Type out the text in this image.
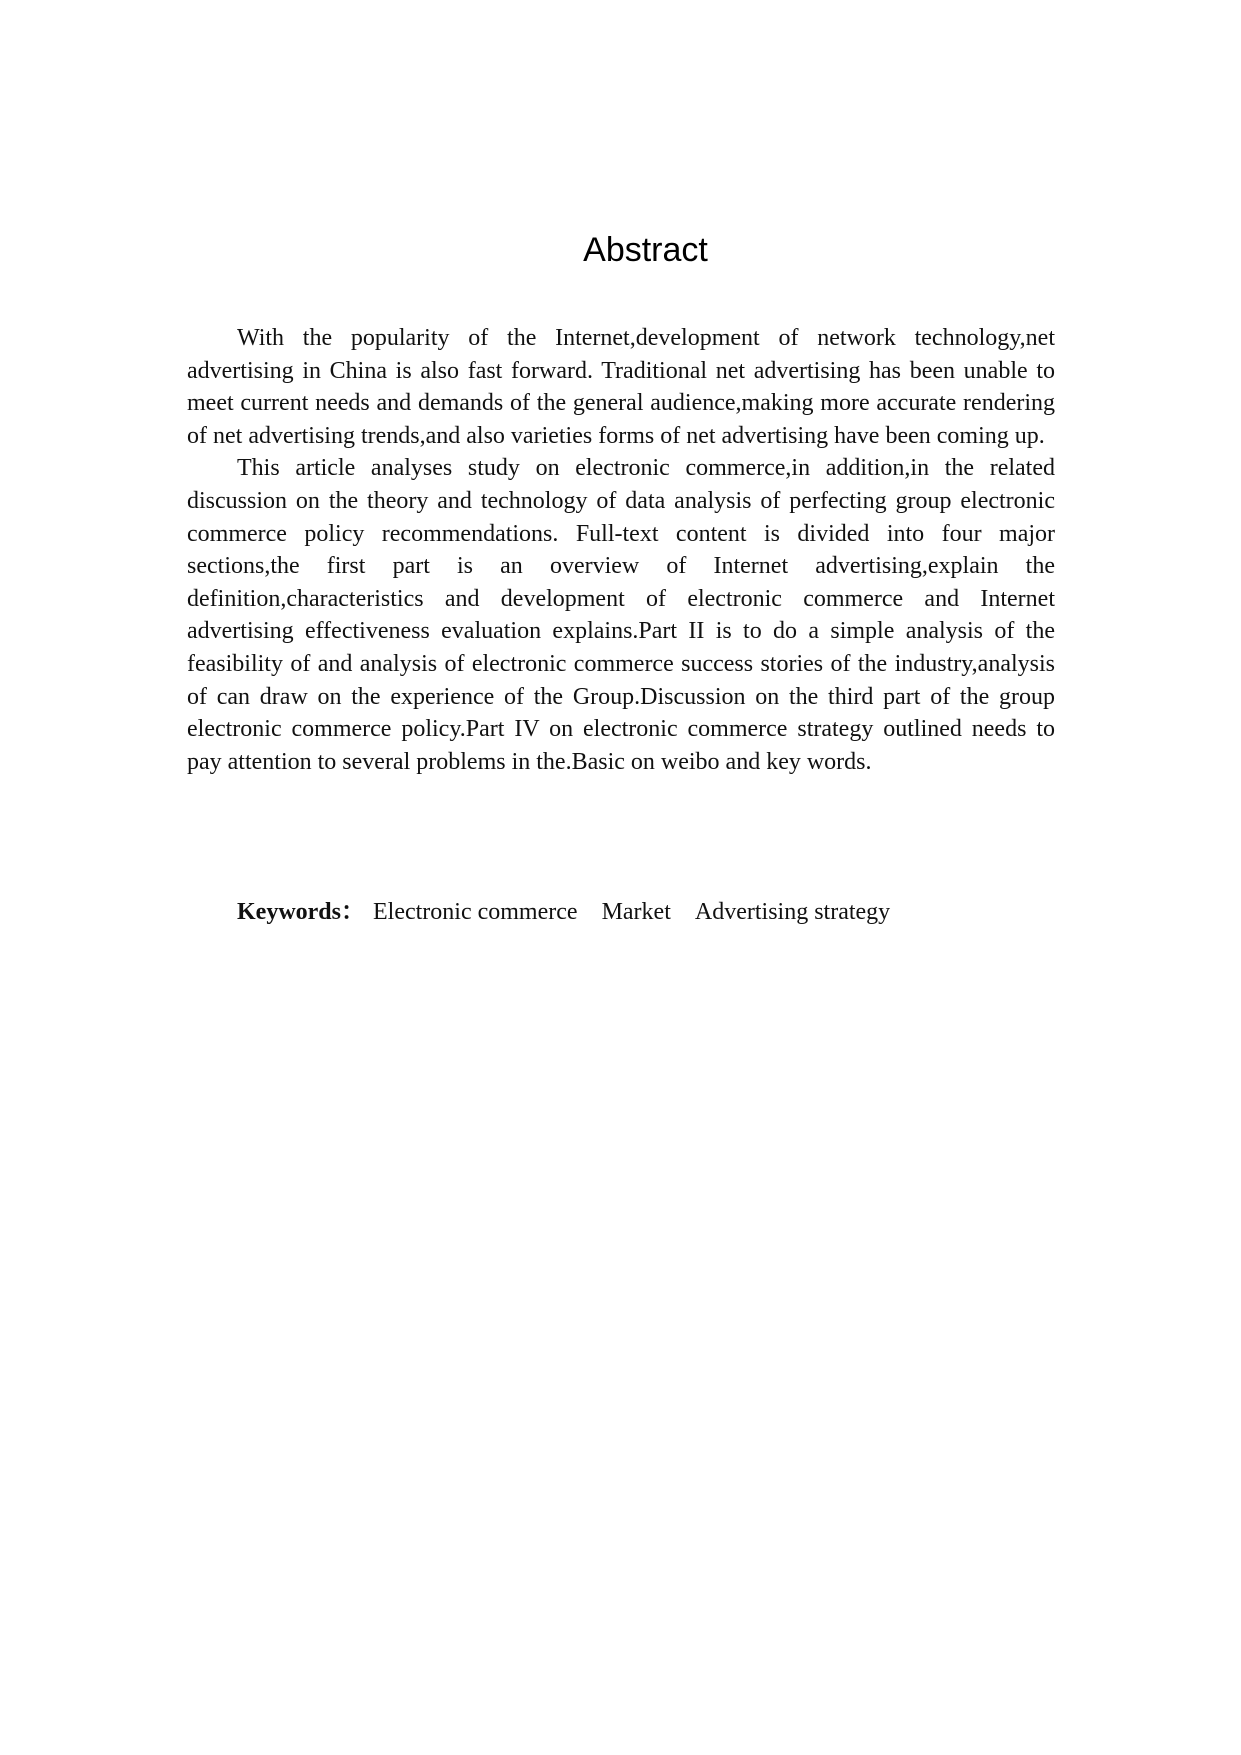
Abstract

With the popularity of the Internet,development of network technology,net advertising in China is also fast forward. Traditional net advertising has been unable to meet current needs and demands of the general audience,making more accurate rendering of net advertising trends,and also varieties forms of net advertising have been coming up.

This article analyses study on electronic commerce,in addition,in the related discussion on the theory and technology of data analysis of perfecting group electronic commerce policy recommendations. Full-text content is divided into four major sections,the first part is an overview of Internet advertising,explain the definition,characteristics and development of electronic commerce and Internet advertising effectiveness evaluation explains.Part II is to do a simple analysis of the feasibility of and analysis of electronic commerce success stories of the industry,analysis of can draw on the experience of the Group.Discussion on the third part of the group electronic commerce policy.Part IV on electronic commerce strategy outlined needs to pay attention to several problems in the.Basic on weibo and key words.

Keywords： Electronic commerce Market Advertising strategy
